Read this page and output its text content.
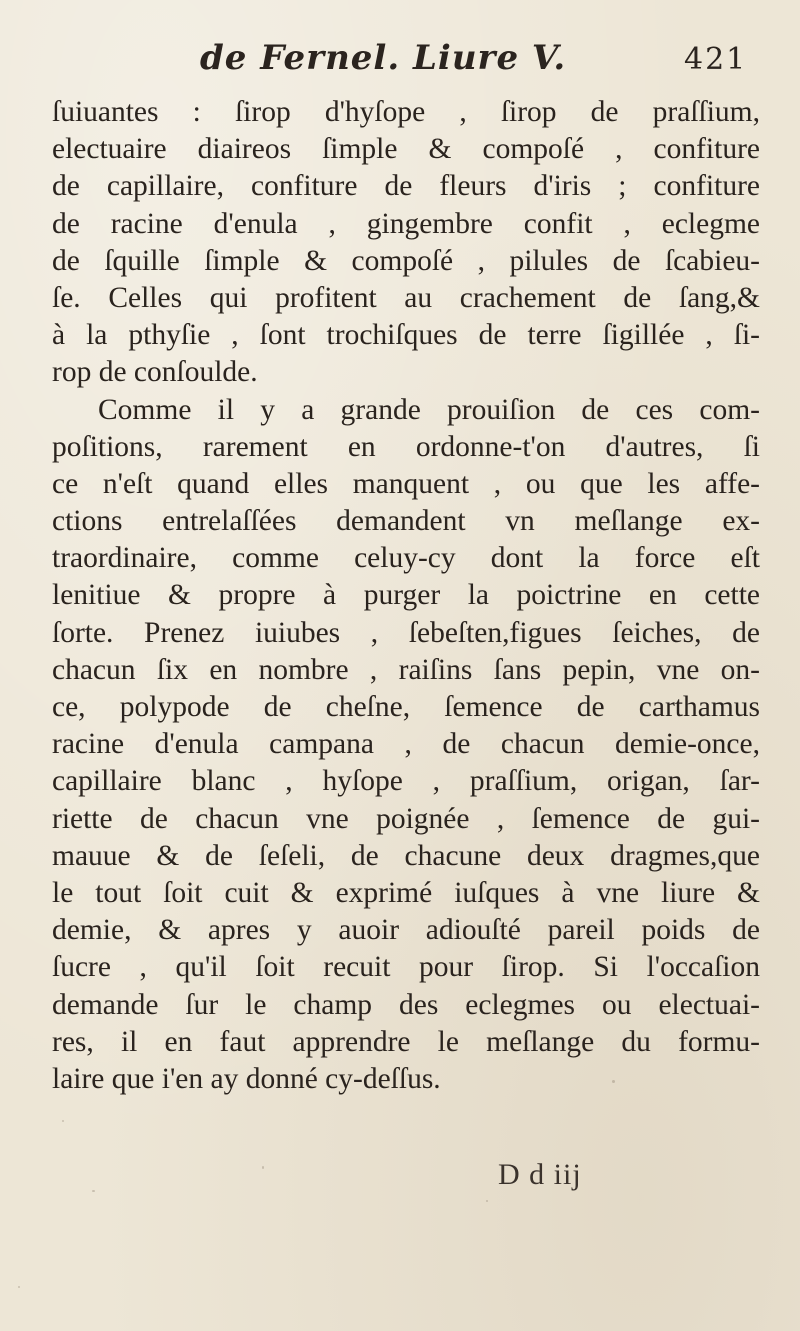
de Fernel. Liure V.	421
ſuiuantes : ſirop d'hyſope , ſirop de praſſium,
electuaire diaireos ſimple & compoſé , confiture
de capillaire, confiture de fleurs d'iris ; confiture
de racine d'enula , gingembre confit , eclegme
de ſquille ſimple & compoſé , pilules de ſcabieu-
ſe. Celles qui profitent au crachement de ſang,&
à la pthyſie , ſont trochiſques de terre ſigillée , ſi-
rop de conſoulde.
Comme il y a grande prouiſion de ces com-
poſitions, rarement en ordonne-t'on d'autres, ſi
ce n'eſt quand elles manquent , ou que les affe-
ctions entrelaſſées demandent vn meſlange ex-
traordinaire, comme celuy-cy dont la force eſt
lenitiue & propre à purger la poictrine en cette
ſorte. Prenez iuiubes , ſebeſten,figues ſeiches, de
chacun ſix en nombre , raiſins ſans pepin, vne on-
ce, polypode de cheſne, ſemence de carthamus
racine d'enula campana , de chacun demie-once,
capillaire blanc , hyſope , praſſium, origan, ſar-
riette de chacun vne poignée , ſemence de gui-
mauue & de ſeſeli, de chacune deux dragmes,que
le tout ſoit cuit & exprimé iuſques à vne liure &
demie, & apres y auoir adiouſté pareil poids de
ſucre , qu'il ſoit recuit pour ſirop. Si l'occaſion
demande ſur le champ des eclegmes ou electuai-
res, il en faut apprendre le meſlange du formu-
laire que i'en ay donné cy-deſſus.
D d iij
